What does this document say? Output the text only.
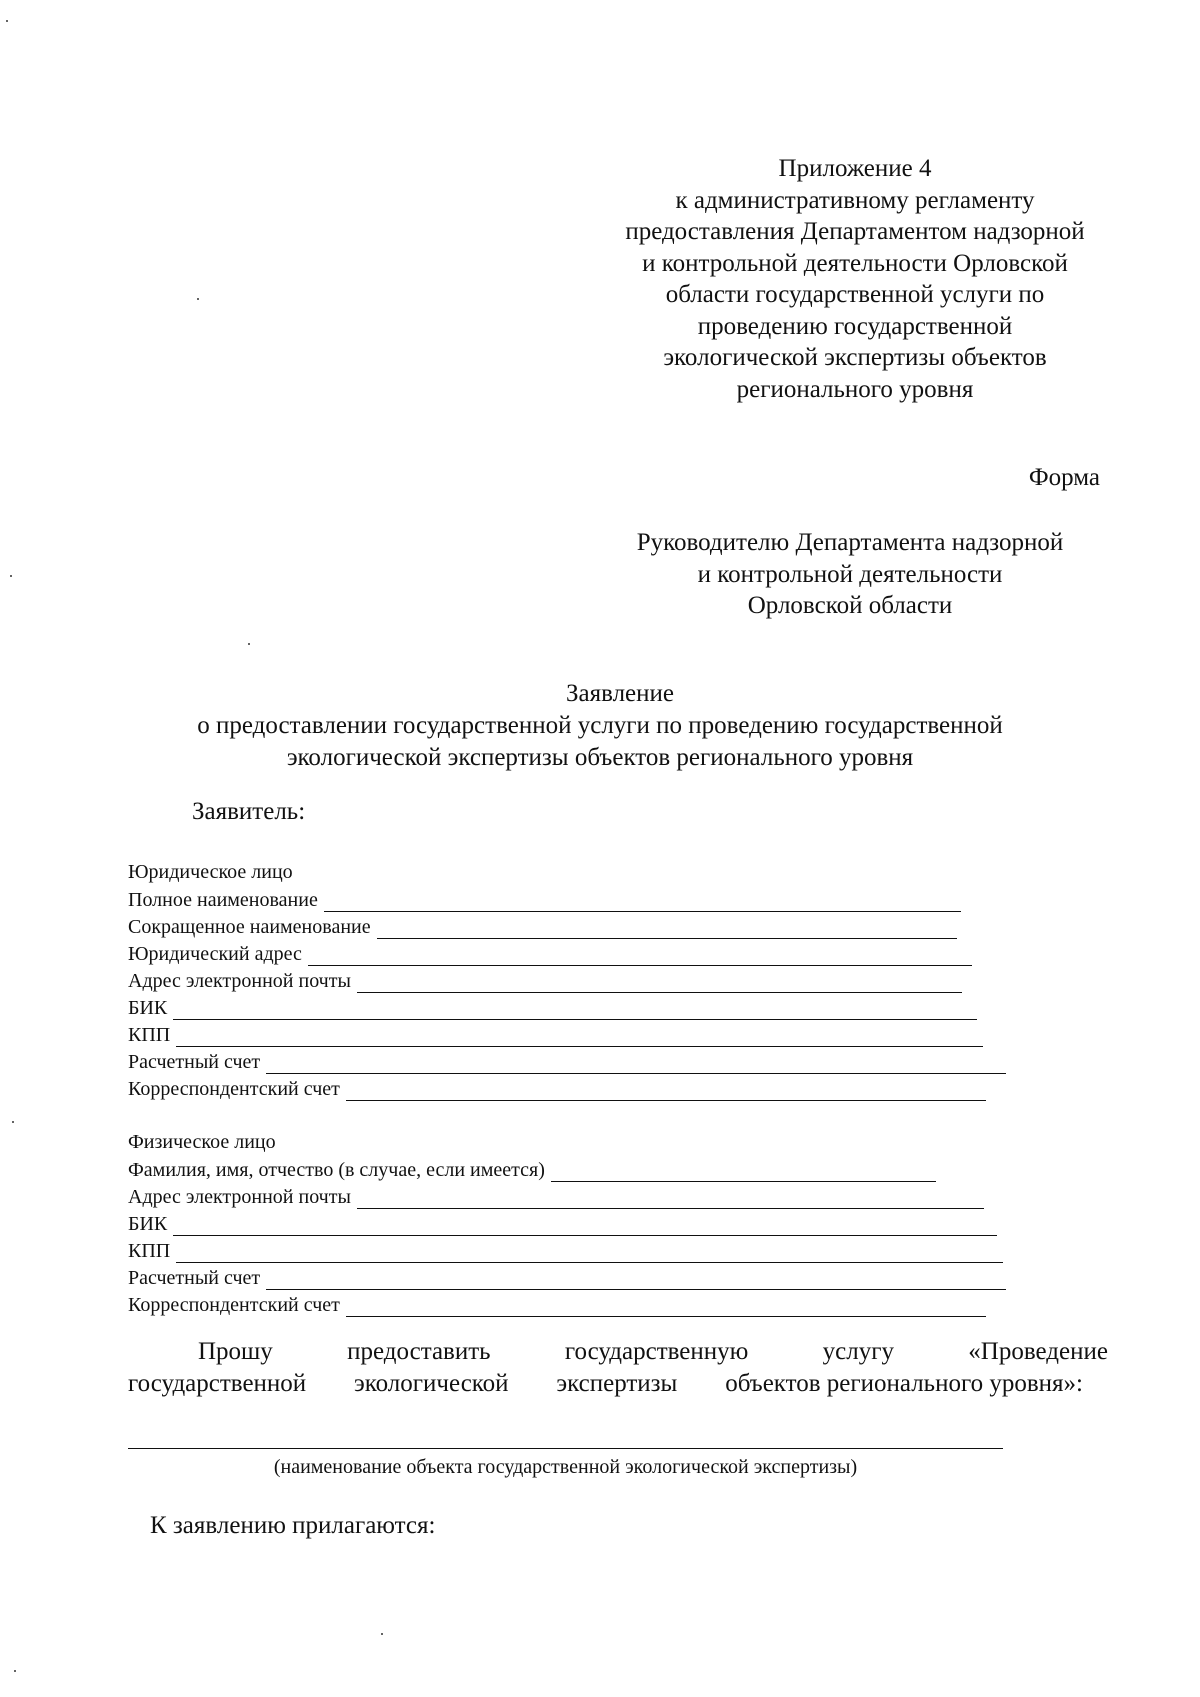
Приложение 4
к административному регламенту
предоставления Департаментом надзорной
и контрольной деятельности Орловской
области государственной услуги по
проведению государственной
экологической экспертизы объектов
регионального уровня
Форма
Руководителю Департамента надзорной
и контрольной деятельности
Орловской области
Заявление
о предоставлении государственной услуги по проведению государственной
экологической экспертизы объектов регионального уровня
Заявитель:
Юридическое лицо
Полное наименование
Сокращенное наименование
Юридический адрес
Адрес электронной почты
БИК
КПП
Расчетный счет
Корреспондентский счет
Физическое лицо
Фамилия, имя, отчество (в случае, если имеется)
Адрес электронной почты
БИК
КПП
Расчетный счет
Корреспондентский счет
Прошу	предоставить	государственную	услугу	«Проведение
государственной экологической экспертизы объектов регионального уровня»:
(наименование объекта государственной экологической экспертизы)
К заявлению прилагаются:
